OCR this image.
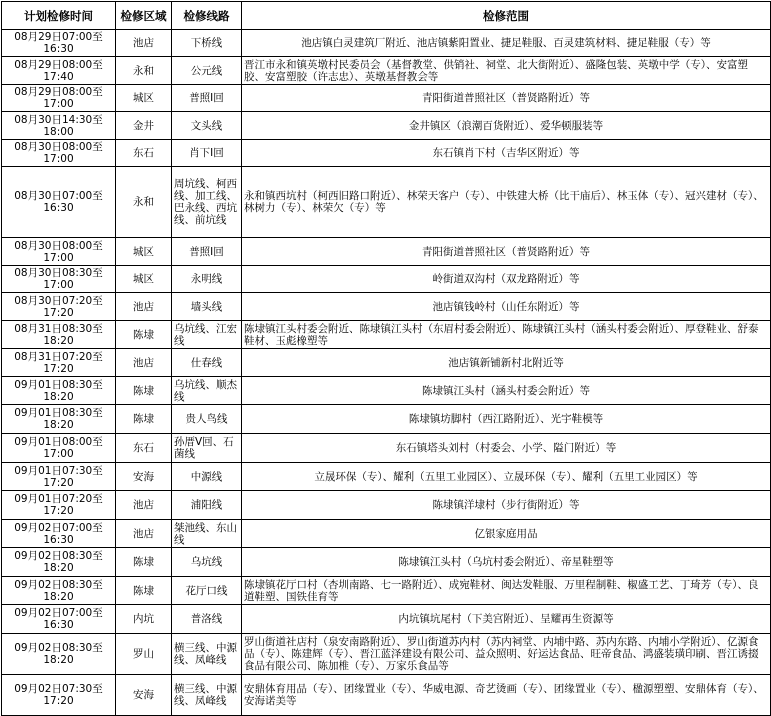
计划检修时间	检修区域	检修线路	检修范围
08月29日07:00至16:30	池店	下桥线	池店镇白灵建筑厂附近、池店镇紫阳置业、捷足鞋服、百灵建筑材料、捷足鞋服（专）等
08月29日08:00至17:40	永和	公元线	晋江市永和镇英墩村民委员会（基督教堂、供销社、祠堂、北大街附近）、盛隆包装、英墩中学（专）、安富塑胶、安富塑胶（许志忠）、英墩基督教会等
08月29日08:00至17:00	城区	普照Ⅰ回	青阳街道普照社区（普贤路附近）等
08月30日14:30至18:00	金井	文头线	金井镇区（浪潮百货附近）、爱华顿服装等
08月30日08:00至17:00	东石	肖下Ⅰ回	东石镇肖下村（吉华区附近）等
08月30日07:00至16:30	永和	周坑线、柯西线、加工线、巴永线、西坑线、前坑线	永和镇西坑村（柯西旧路口附近）、林荣天客户（专）、中铁建大桥（比干庙后）、林玉体（专）、冠兴建材（专）、林树力（专）、林荣欠（专）等
08月30日08:00至17:00	城区	普照Ⅰ回	青阳街道普照社区（普贤路附近）等
08月30日08:30至17:00	城区	永明线	岭街道双沟村（双龙路附近）等
08月30日07:20至17:20	池店	墙头线	池店镇钱岭村（山任东附近）等
08月31日08:30至18:20	陈埭	乌坑线、江宏线	陈埭镇江头村委会附近、陈埭镇江头村（东眉村委会附近）、陈埭镇江头村（涵头村委会附近）、厚登鞋业、舒泰鞋材、玉彪橡塑等
08月31日07:20至17:20	池店	仕春线	池店镇新铺新村北附近等
09月01日08:30至18:20	陈埭	乌坑线、顺杰线	陈埭镇江头村（涵头村委会附近）等
09月01日08:30至18:20	陈埭	贵人鸟线	陈埭镇坊脚村（西江路附近）、光宇鞋模等
09月01日08:00至17:00	东石	孙厝Ⅴ回、石菌线	东石镇塔头刘村（村委会、小学、隘门附近）等
09月01日07:30至17:20	安海	中源线	立晟环保（专）、耀利（五里工业园区）、立晟环保（专）、耀利（五里工业园区）等
09月01日07:20至17:20	池店	浦阳线	陈埭镇洋埭村（步行街附近）等
09月02日07:00至16:30	池店	桀池线、东山线	亿银家庭用品
09月02日08:30至18:20	陈埭	乌坑线	陈埭镇江头村（乌坑村委会附近）、帝星鞋塑等
09月02日08:30至18:20	陈埭	花厅口线	陈埭镇花厅口村（杏圳南路、七一路附近）、成宛鞋材、闽达发鞋服、万里程制鞋、椒盛工艺、丁琦芳（专）、良道鞋塑、国铁佳育等
09月02日07:00至16:30	内坑	普洛线	内坑镇坑尾村（下美宫附近）、呈耀再生资源等
09月02日08:30至18:20	罗山	横三线、中源线、凤峰线	罗山街道社店村（泉安南路附近）、罗山街道苏内村（苏内祠堂、内埔中路、苏内东路、内埔小学附近）、亿源食品（专）、陈建辉（专）、晋江蓝泽建设有限公司、益众照明、好运达食品、旺帝食品、鸿盛装璜印刷、晋江诱掇食品有限公司、陈加椎（专）、万家乐食品等
09月02日07:30至17:20	安海	横三线、中源线、凤峰线	安鼎体育用品（专）、团缘置业（专）、华威电源、奇艺烫画（专）、团缘置业（专）、楹源塑塑、安鼎体育（专）、安海诺美等
